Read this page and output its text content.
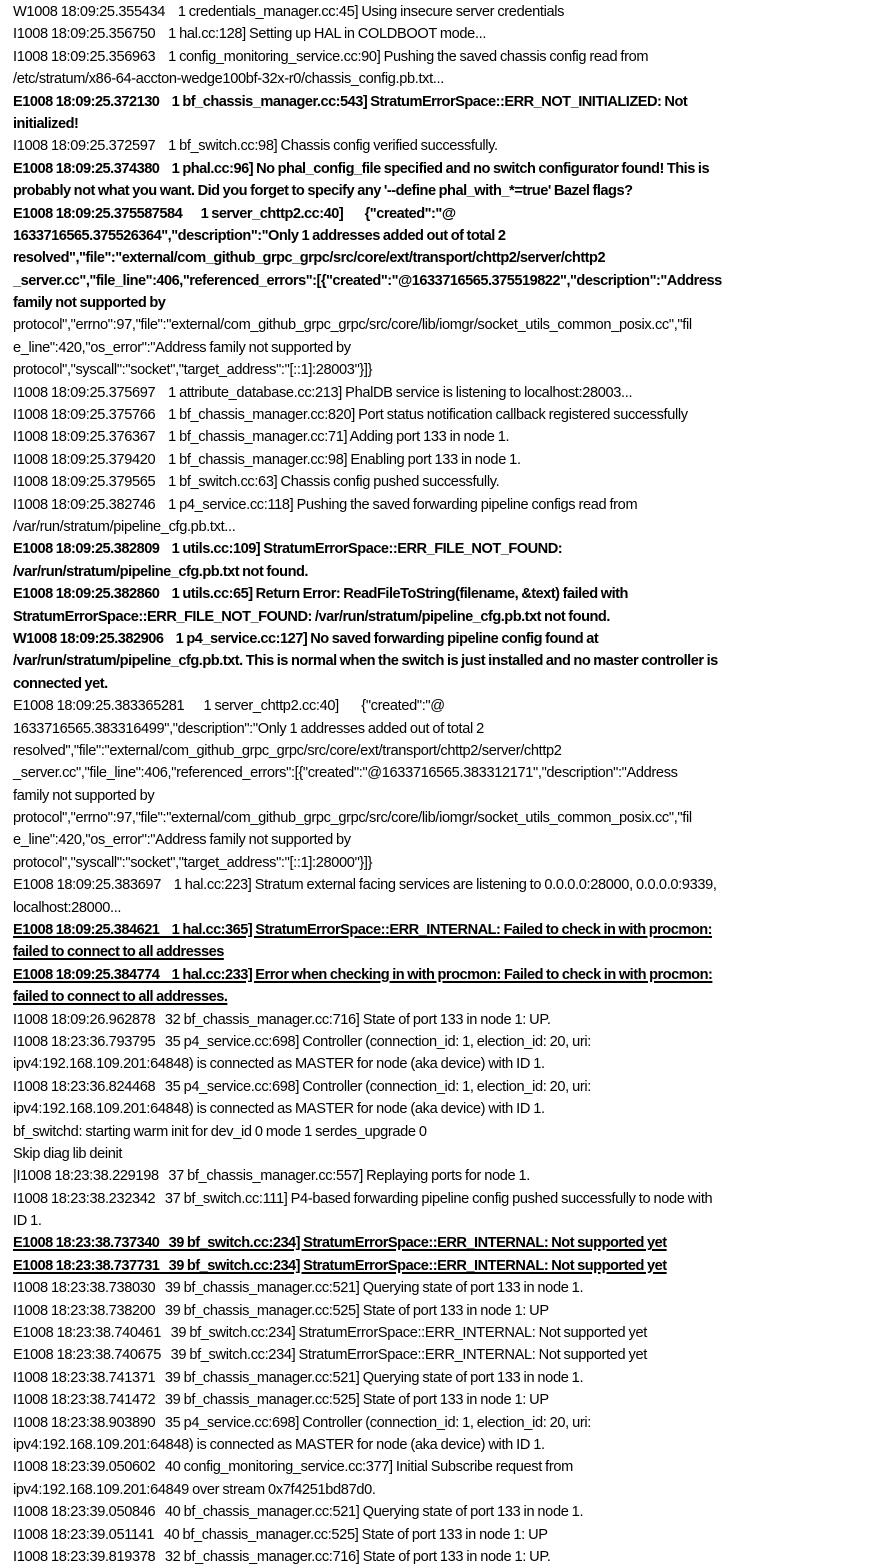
W1008 18:09:25.355434    1 credentials_manager.cc:45] Using insecure server credentials
I1008 18:09:25.356750    1 hal.cc:128] Setting up HAL in COLDBOOT mode...
I1008 18:09:25.356963    1 config_monitoring_service.cc:90] Pushing the saved chassis config read from
/etc/stratum/x86-64-accton-wedge100bf-32x-r0/chassis_config.pb.txt...
E1008 18:09:25.372130    1 bf_chassis_manager.cc:543] StratumErrorSpace::ERR_NOT_INITIALIZED: Not
initialized!
I1008 18:09:25.372597    1 bf_switch.cc:98] Chassis config verified successfully.
E1008 18:09:25.374380    1 phal.cc:96] No phal_config_file specified and no switch configurator found! This is
probably not what you want. Did you forget to specify any '--define phal_with_*=true' Bazel flags?
E1008 18:09:25.375587584      1 server_chttp2.cc:40]       {"created":"@
1633716565.375526364","description":"Only 1 addresses added out of total 2
resolved","file":"external/com_github_grpc_grpc/src/core/ext/transport/chttp2/server/chttp2
_server.cc","file_line":406,"referenced_errors":[{"created":"@1633716565.375519822","description":"Address
family not supported by
protocol","errno":97,"file":"external/com_github_grpc_grpc/src/core/lib/iomgr/socket_utils_common_posix.cc","fil
e_line":420,"os_error":"Address family not supported by
protocol","syscall":"socket","target_address":"[::1]:28003"}]}
I1008 18:09:25.375697    1 attribute_database.cc:213] PhalDB service is listening to localhost:28003...
I1008 18:09:25.375766    1 bf_chassis_manager.cc:820] Port status notification callback registered successfully
I1008 18:09:25.376367    1 bf_chassis_manager.cc:71] Adding port 133 in node 1.
I1008 18:09:25.379420    1 bf_chassis_manager.cc:98] Enabling port 133 in node 1.
I1008 18:09:25.379565    1 bf_switch.cc:63] Chassis config pushed successfully.
I1008 18:09:25.382746    1 p4_service.cc:118] Pushing the saved forwarding pipeline configs read from
/var/run/stratum/pipeline_cfg.pb.txt...
E1008 18:09:25.382809    1 utils.cc:109] StratumErrorSpace::ERR_FILE_NOT_FOUND:
/var/run/stratum/pipeline_cfg.pb.txt not found.
E1008 18:09:25.382860    1 utils.cc:65] Return Error: ReadFileToString(filename, &text) failed with
StratumErrorSpace::ERR_FILE_NOT_FOUND: /var/run/stratum/pipeline_cfg.pb.txt not found.
W1008 18:09:25.382906    1 p4_service.cc:127] No saved forwarding pipeline config found at
/var/run/stratum/pipeline_cfg.pb.txt. This is normal when the switch is just installed and no master controller is
connected yet.
E1008 18:09:25.383365281      1 server_chttp2.cc:40]       {"created":"@
1633716565.383316499","description":"Only 1 addresses added out of total 2
resolved","file":"external/com_github_grpc_grpc/src/core/ext/transport/chttp2/server/chttp2
_server.cc","file_line":406,"referenced_errors":[{"created":"@1633716565.383312171","description":"Address
family not supported by
protocol","errno":97,"file":"external/com_github_grpc_grpc/src/core/lib/iomgr/socket_utils_common_posix.cc","fil
e_line":420,"os_error":"Address family not supported by
protocol","syscall":"socket","target_address":"[::1]:28000"}]}
E1008 18:09:25.383697    1 hal.cc:223] Stratum external facing services are listening to 0.0.0.0:28000, 0.0.0.0:9339,
localhost:28000...
E1008 18:09:25.384621    1 hal.cc:365] StratumErrorSpace::ERR_INTERNAL: Failed to check in with procmon:
failed to connect to all addresses
E1008 18:09:25.384774    1 hal.cc:233] Error when checking in with procmon: Failed to check in with procmon:
failed to connect to all addresses.
I1008 18:09:26.962878   32 bf_chassis_manager.cc:716] State of port 133 in node 1: UP.
I1008 18:23:36.793795   35 p4_service.cc:698] Controller (connection_id: 1, election_id: 20, uri:
ipv4:192.168.109.201:64848) is connected as MASTER for node (aka device) with ID 1.
I1008 18:23:36.824468   35 p4_service.cc:698] Controller (connection_id: 1, election_id: 20, uri:
ipv4:192.168.109.201:64848) is connected as MASTER for node (aka device) with ID 1.
bf_switchd: starting warm init for dev_id 0 mode 1 serdes_upgrade 0
Skip diag lib deinit
|I1008 18:23:38.229198   37 bf_chassis_manager.cc:557] Replaying ports for node 1.
I1008 18:23:38.232342   37 bf_switch.cc:111] P4-based forwarding pipeline config pushed successfully to node with
ID 1.
E1008 18:23:38.737340   39 bf_switch.cc:234] StratumErrorSpace::ERR_INTERNAL: Not supported yet
E1008 18:23:38.737731   39 bf_switch.cc:234] StratumErrorSpace::ERR_INTERNAL: Not supported yet
I1008 18:23:38.738030   39 bf_chassis_manager.cc:521] Querying state of port 133 in node 1.
I1008 18:23:38.738200   39 bf_chassis_manager.cc:525] State of port 133 in node 1: UP
E1008 18:23:38.740461   39 bf_switch.cc:234] StratumErrorSpace::ERR_INTERNAL: Not supported yet
E1008 18:23:38.740675   39 bf_switch.cc:234] StratumErrorSpace::ERR_INTERNAL: Not supported yet
I1008 18:23:38.741371   39 bf_chassis_manager.cc:521] Querying state of port 133 in node 1.
I1008 18:23:38.741472   39 bf_chassis_manager.cc:525] State of port 133 in node 1: UP
I1008 18:23:38.903890   35 p4_service.cc:698] Controller (connection_id: 1, election_id: 20, uri:
ipv4:192.168.109.201:64848) is connected as MASTER for node (aka device) with ID 1.
I1008 18:23:39.050602   40 config_monitoring_service.cc:377] Initial Subscribe request from
ipv4:192.168.109.201:64849 over stream 0x7f4251bd87d0.
I1008 18:23:39.050846   40 bf_chassis_manager.cc:521] Querying state of port 133 in node 1.
I1008 18:23:39.051141   40 bf_chassis_manager.cc:525] State of port 133 in node 1: UP
I1008 18:23:39.819378   32 bf_chassis_manager.cc:716] State of port 133 in node 1: UP.
